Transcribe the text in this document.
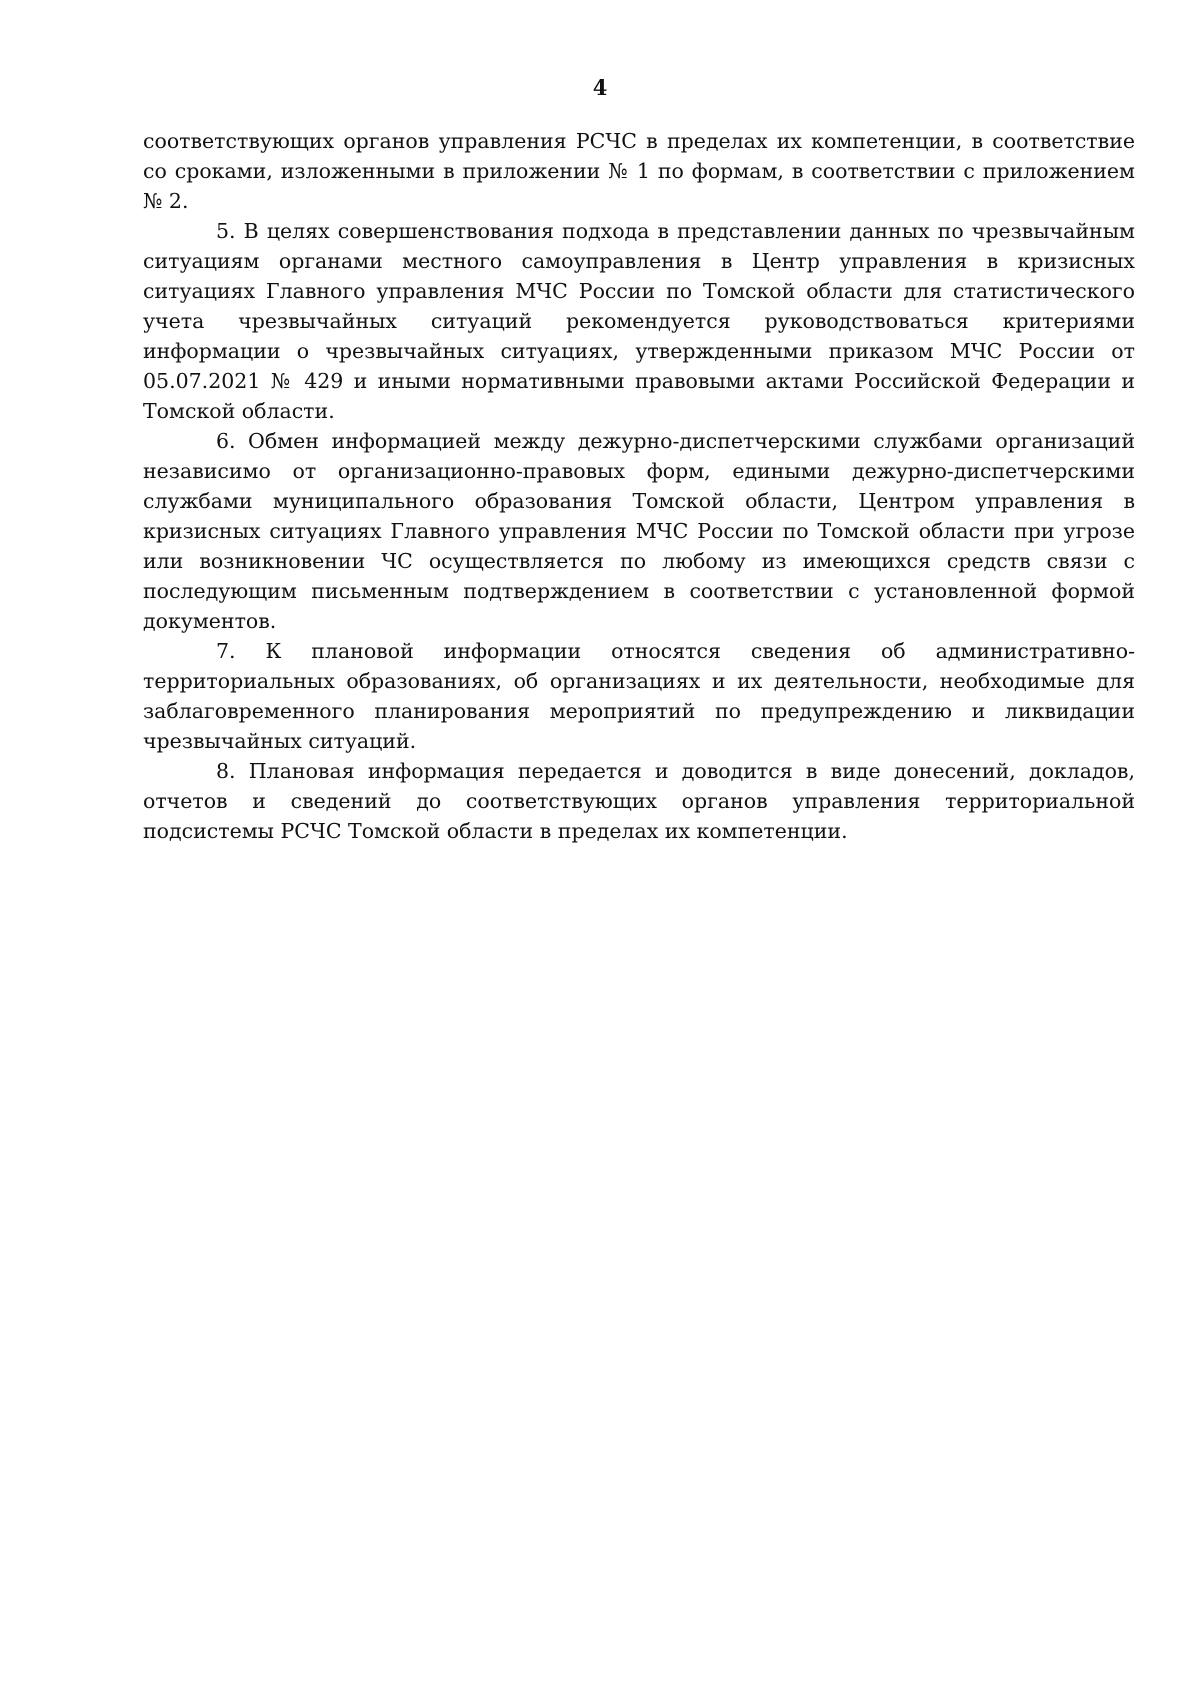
4

соответствующих органов управления РСЧС в пределах их компетенции, в соответствие со сроками, изложенными в приложении № 1 по формам, в соответствии с приложением № 2.

5. В целях совершенствования подхода в представлении данных по чрезвычайным ситуациям органами местного самоуправления в Центр управления в кризисных ситуациях Главного управления МЧС России по Томской области для статистического учета чрезвычайных ситуаций рекомендуется руководствоваться критериями информации о чрезвычайных ситуациях, утвержденными приказом МЧС России от 05.07.2021 № 429 и иными нормативными правовыми актами Российской Федерации и Томской области.

6. Обмен информацией между дежурно-диспетчерскими службами организаций независимо от организационно-правовых форм, едиными дежурно-диспетчерскими службами муниципального образования Томской области, Центром управления в кризисных ситуациях Главного управления МЧС России по Томской области при угрозе или возникновении ЧС осуществляется по любому из имеющихся средств связи с последующим письменным подтверждением в соответствии с установленной формой документов.

7. К плановой информации относятся сведения об административно-территориальных образованиях, об организациях и их деятельности, необходимые для заблаговременного планирования мероприятий по предупреждению и ликвидации чрезвычайных ситуаций.

8. Плановая информация передается и доводится в виде донесений, докладов, отчетов и сведений до соответствующих органов управления территориальной подсистемы РСЧС Томской области в пределах их компетенции.
